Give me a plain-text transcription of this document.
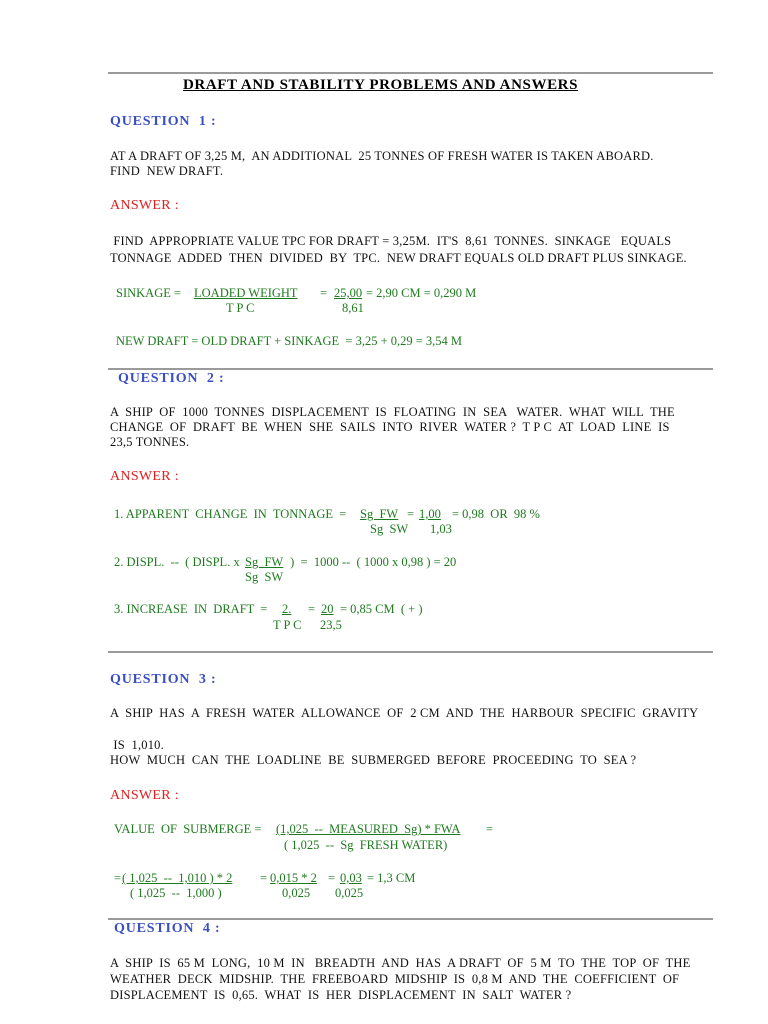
DRAFT AND STABILITY PROBLEMS AND ANSWERS
QUESTION  1 :
AT A DRAFT OF 3,25 M,  AN ADDITIONAL  25 TONNES OF FRESH WATER IS TAKEN ABOARD.
FIND  NEW DRAFT.
ANSWER :
FIND  APPROPRIATE VALUE TPC FOR DRAFT = 3,25M.  IT'S  8,61  TONNES.  SINKAGE   EQUALS
TONNAGE  ADDED  THEN  DIVIDED  BY  TPC.  NEW DRAFT EQUALS OLD DRAFT PLUS SINKAGE.
SINKAGE = LOADED WEIGHT
T P C
= 25,00
8,61
= 2,90 CM = 0,290 M
NEW DRAFT = OLD DRAFT + SINKAGE  = 3,25 + 0,29 = 3,54 M
QUESTION  2 :
A  SHIP  OF  1000  TONNES  DISPLACEMENT  IS  FLOATING  IN  SEA   WATER.  WHAT  WILL  THE
CHANGE  OF  DRAFT  BE  WHEN  SHE  SAILS  INTO  RIVER  WATER ?  T P C  AT  LOAD  LINE  IS
23,5 TONNES.
ANSWER :
1. APPARENT  CHANGE  IN  TONNAGE  = Sg  FW
Sg  SW
= 1,00
1,03
= 0,98  OR  98 %
2. DISPL.  --  ( DISPL. x Sg  FW
Sg  SW
)  =  1000 --  ( 1000 x 0,98 ) = 20
3. INCREASE  IN  DRAFT  = 2.
T P C
= 20
23,5
= 0,85 CM  ( + )
QUESTION  3 :
A  SHIP  HAS  A  FRESH  WATER  ALLOWANCE  OF  2 CM  AND  THE  HARBOUR  SPECIFIC  GRAVITY
IS  1,010.
HOW  MUCH  CAN  THE  LOADLINE  BE  SUBMERGED  BEFORE  PROCEEDING  TO  SEA ?
ANSWER :
VALUE  OF  SUBMERGE = (1,025  --  MEASURED  Sg) * FWA
( 1,025  --  Sg  FRESH WATER)
=
= ( 1,025  --  1,010 ) * 2
( 1,025  --  1,000 )
= 0,015 * 2
0,025
= 0,03
0,025
= 1,3 CM
QUESTION  4 :
A  SHIP  IS  65 M  LONG,  10 M  IN   BREADTH  AND  HAS  A DRAFT  OF  5 M  TO  THE  TOP  OF  THE
WEATHER  DECK  MIDSHIP.  THE  FREEBOARD  MIDSHIP  IS  0,8 M  AND  THE  COEFFICIENT  OF
DISPLACEMENT  IS  0,65.  WHAT  IS  HER  DISPLACEMENT  IN  SALT  WATER ?
